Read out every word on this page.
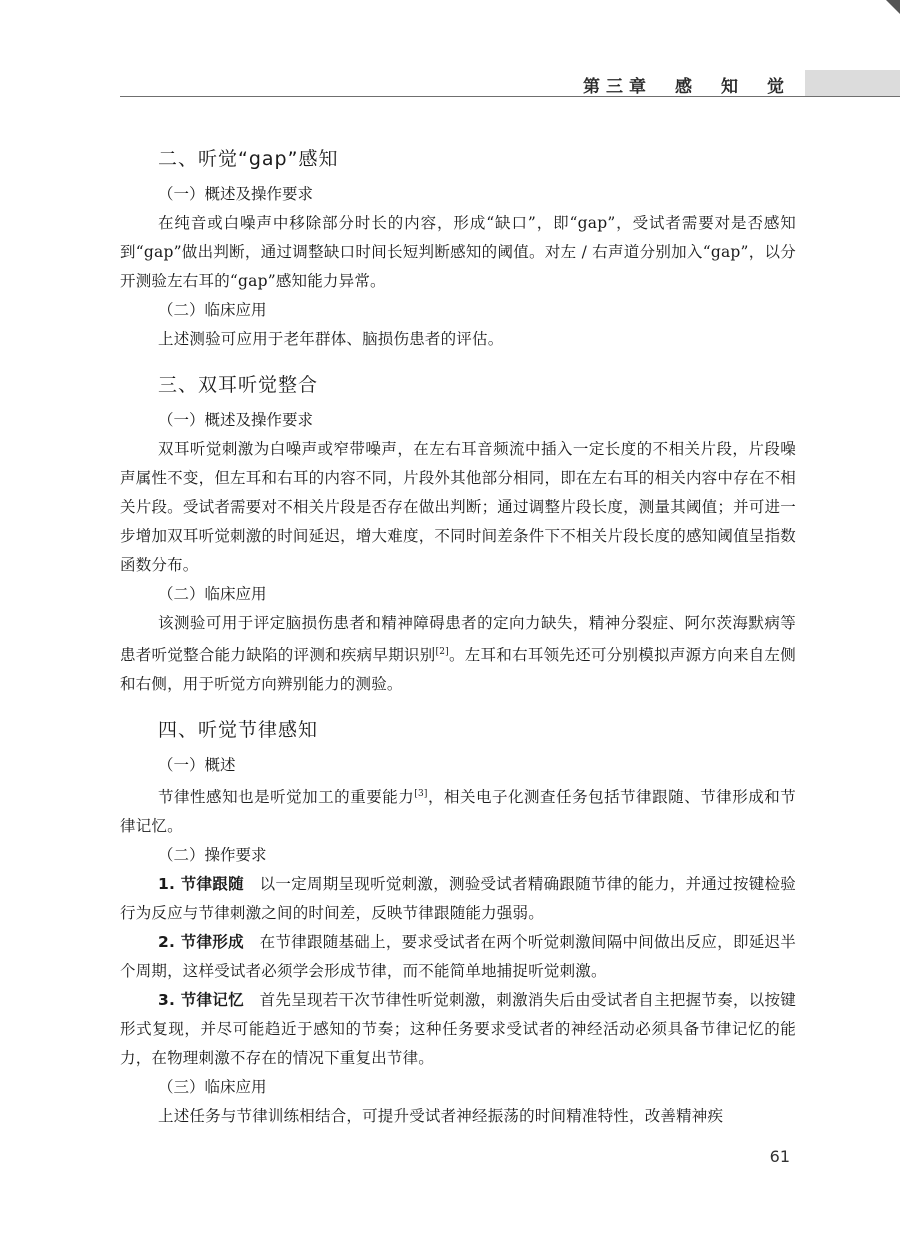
第三章　感　知　觉
二、听觉“gap”感知
（一）概述及操作要求

在纯音或白噪声中移除部分时长的内容，形成“缺口”，即“gap”，受试者需要对是否感知到“gap”做出判断，通过调整缺口时间长短判断感知的阈值。对左 / 右声道分别加入“gap”，以分开测验左右耳的“gap”感知能力异常。

（二）临床应用

上述测验可应用于老年群体、脑损伤患者的评估。

三、双耳听觉整合
（一）概述及操作要求

双耳听觉刺激为白噪声或窄带噪声，在左右耳音频流中插入一定长度的不相关片段，片段噪声属性不变，但左耳和右耳的内容不同，片段外其他部分相同，即在左右耳的相关内容中存在不相关片段。受试者需要对不相关片段是否存在做出判断；通过调整片段长度，测量其阈值；并可进一步增加双耳听觉刺激的时间延迟，增大难度，不同时间差条件下不相关片段长度的感知阈值呈指数函数分布。

（二）临床应用

该测验可用于评定脑损伤患者和精神障碍患者的定向力缺失，精神分裂症、阿尔茨海默病等患者听觉整合能力缺陷的评测和疾病早期识别[2]。左耳和右耳领先还可分别模拟声源方向来自左侧和右侧，用于听觉方向辨别能力的测验。

四、听觉节律感知
（一）概述

节律性感知也是听觉加工的重要能力[3]，相关电子化测查任务包括节律跟随、节律形成和节律记忆。

（二）操作要求

1. 节律跟随　 以一定周期呈现听觉刺激，测验受试者精确跟随节律的能力，并通过按键检验行为反应与节律刺激之间的时间差，反映节律跟随能力强弱。

2. 节律形成　 在节律跟随基础上，要求受试者在两个听觉刺激间隔中间做出反应，即延迟半个周期，这样受试者必须学会形成节律，而不能简单地捕捉听觉刺激。

3. 节律记忆　 首先呈现若干次节律性听觉刺激，刺激消失后由受试者自主把握节奏，以按键形式复现，并尽可能趋近于感知的节奏；这种任务要求受试者的神经活动必须具备节律记忆的能力，在物理刺激不存在的情况下重复出节律。

（三）临床应用

上述任务与节律训练相结合，可提升受试者神经振荡的时间精准特性，改善精神疾

61
